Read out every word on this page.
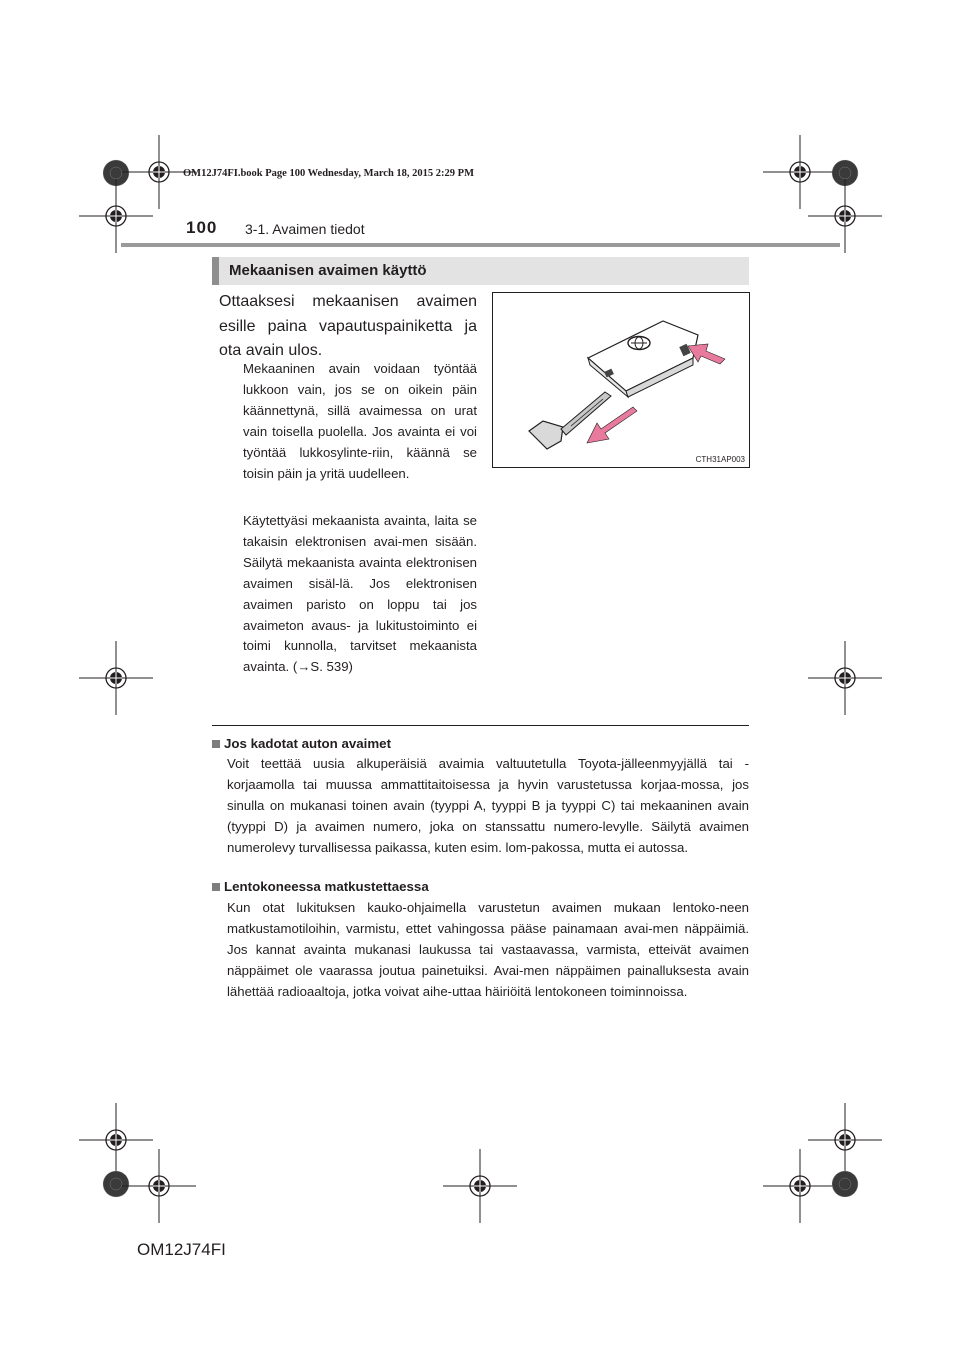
OM12J74FI.book Page 100 Wednesday, March 18, 2015 2:29 PM
100 3-1. Avaimen tiedot
Mekaanisen avaimen käyttö
Ottaaksesi mekaanisen avaimen esille paina vapautuspainiketta ja ota avain ulos.
Mekaaninen avain voidaan työntää lukkoon vain, jos se on oikein päin käännettynä, sillä avaimessa on urat vain toisella puolella. Jos avainta ei voi työntää lukkosylinte-riin, käännä se toisin päin ja yritä uudelleen.
Käytettyäsi mekaanista avainta, laita se takaisin elektronisen avai-men sisään. Säilytä mekaanista avainta elektronisen avaimen sisäl-lä. Jos elektronisen avaimen paristo on loppu tai jos avaimeton avaus- ja lukitustoiminto ei toimi kunnolla, tarvitset mekaanista avainta. (→S. 539)
CTH31AP003
Jos kadotat auton avaimet
Voit teettää uusia alkuperäisiä avaimia valtuutetulla Toyota-jälleenmyyjällä tai -korjaamolla tai muussa ammattitaitoisessa ja hyvin varustetussa korjaa-mossa, jos sinulla on mukanasi toinen avain (tyyppi A, tyyppi B ja tyyppi C) tai mekaaninen avain (tyyppi D) ja avaimen numero, joka on stanssattu numero-levylle. Säilytä avaimen numerolevy turvallisessa paikassa, kuten esim. lom-pakossa, mutta ei autossa.
Lentokoneessa matkustettaessa
Kun otat lukituksen kauko-ohjaimella varustetun avaimen mukaan lentoko-neen matkustamotiloihin, varmistu, ettet vahingossa pääse painamaan avai-men näppäimiä. Jos kannat avainta mukanasi laukussa tai vastaavassa, varmista, etteivät avaimen näppäimet ole vaarassa joutua painetuiksi. Avai-men näppäimen painalluksesta avain lähettää radioaaltoja, jotka voivat aihe-uttaa häiriöitä lentokoneen toiminnoissa.
OM12J74FI
